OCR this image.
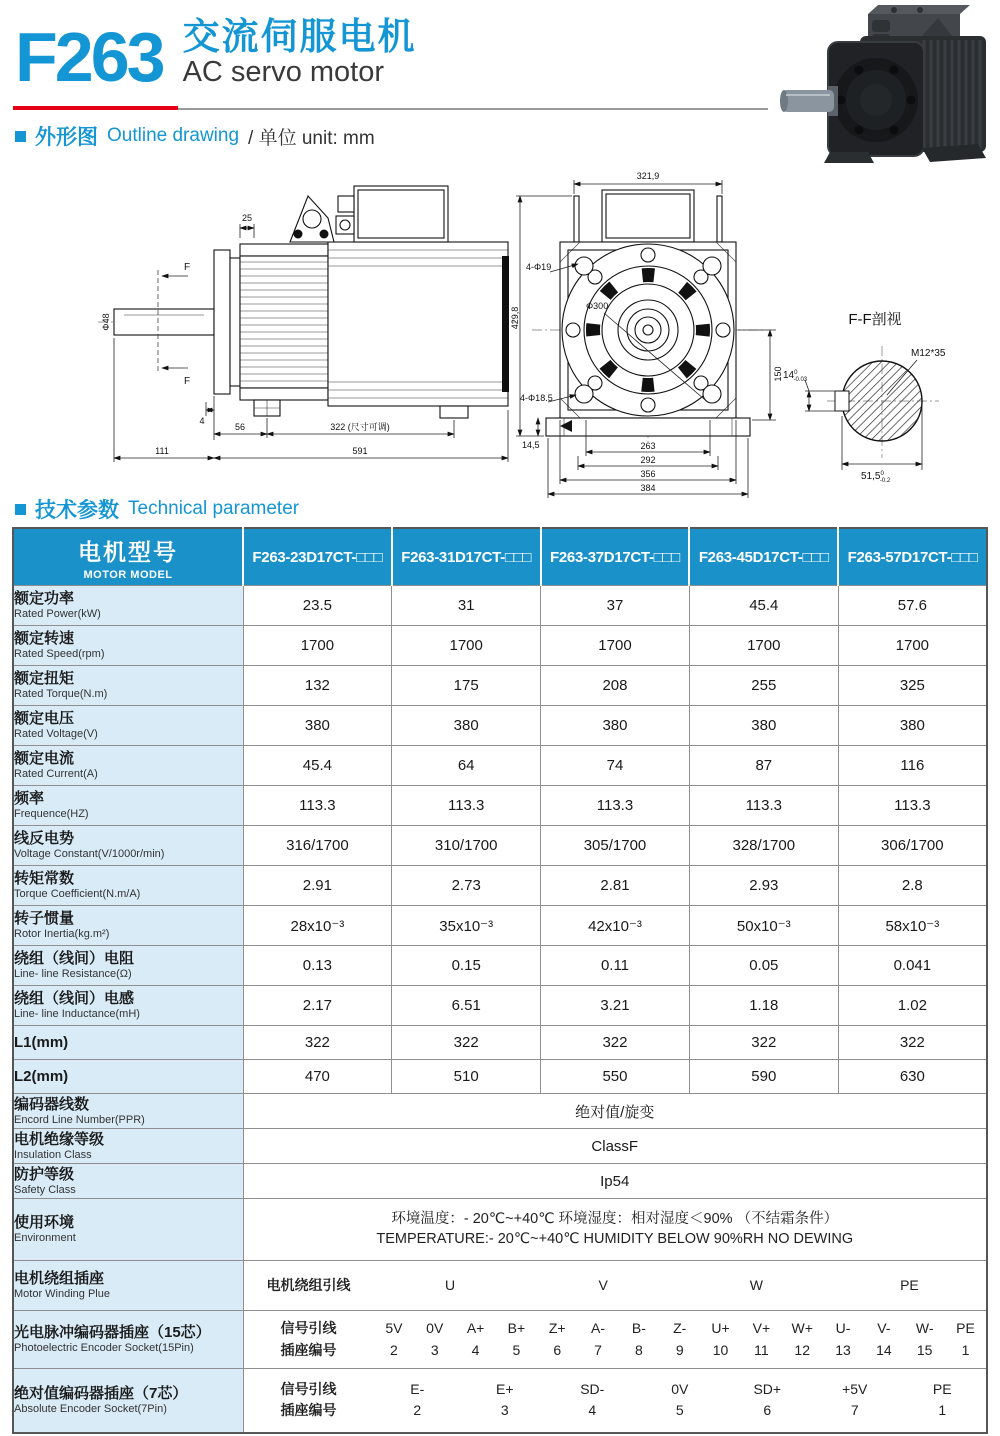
F263 交流伺服电机
AC servo motor
外形图 Outline drawing / 单位 unit: mm
F
F
Φ48
25
4
56	322 (尺寸可调)
111	591
321,9
429,8
150
263
292
356
384
4-Φ19
Φ300
4-Φ18.5
14,5
F-F剖视
$14^0$ -0.03
M12*35
51,5$^0$ -0.2
技术参数 Technical parameter
电机型号
MOTOR MODEL	F263-23D17CT-□□□	F263-31D17CT-□□□	F263-37D17CT-□□□	F263-45D17CT-□□□	F263-57D17CT-□□□

额定功率
Rated Power(kW)	23.5	31	37	45.4	57.6

额定转速
Rated Speed(rpm)	1700	1700	1700	1700	1700

额定扭矩
Rated Torque(N.m)	132	175	208	255	325

额定电压
Rated Voltage(V)	380	380	380	380	380

额定电流
Rated Current(A)	45.4	64	74	87	116

频率
Frequence(HZ)	113.3	113.3	113.3	113.3	113.3

线反电势
Voltage Constant(V/1000r/min)	316/1700	310/1700	305/1700	328/1700	306/1700

转矩常数
Torque Coefficient(N.m/A)	2.91	2.73	2.81	2.93	2.8

转子惯量
Rotor Inertia(kg.m²)	28x10⁻³	35x10⁻³	42x10⁻³	50x10⁻³	58x10⁻³

绕组（线间）电阻
Line- line Resistance(Ω)	0.13	0.15	0.11	0.05	0.041

绕组（线间）电感
Line- line Inductance(mH)	2.17	6.51	3.21	1.18	1.02

L1(mm)	322	322	322	322	322

L2(mm)	470	510	550	590	630

编码器线数
Encord Line Number(PPR)	绝对值/旋变				

电机绝缘等级
Insulation Class	ClassF				

防护等级
Safety Class	Ip54				

使用环境
Environment

环境温度：- 20℃~+40℃ 环境湿度：相对湿度＜90% （不结霜条件）
TEMPERATURE:- 20℃~+40℃ HUMIDITY BELOW 90%RH NO DEWING

电机绕组插座
Motor Winding Plue

电机绕组引线	U	V	W	PE

光电脉冲编码器插座（15芯）
Photoelectric Encoder Socket(15Pin)

信号引线	5V	0V	A+	B+	Z+	A-	B-	Z-	U+	V+	W+	U-	V-	W-	PE
插座编号	2	3	4	5	6	7	8	9	10	11	12	13	14	15	1

绝对值编码器插座（7芯）
Absolute Encoder Socket(7Pin)

信号引线	E-	E+	SD-	0V	SD+	+5V	PE
插座编号	2	3	4	5	6	7	1
